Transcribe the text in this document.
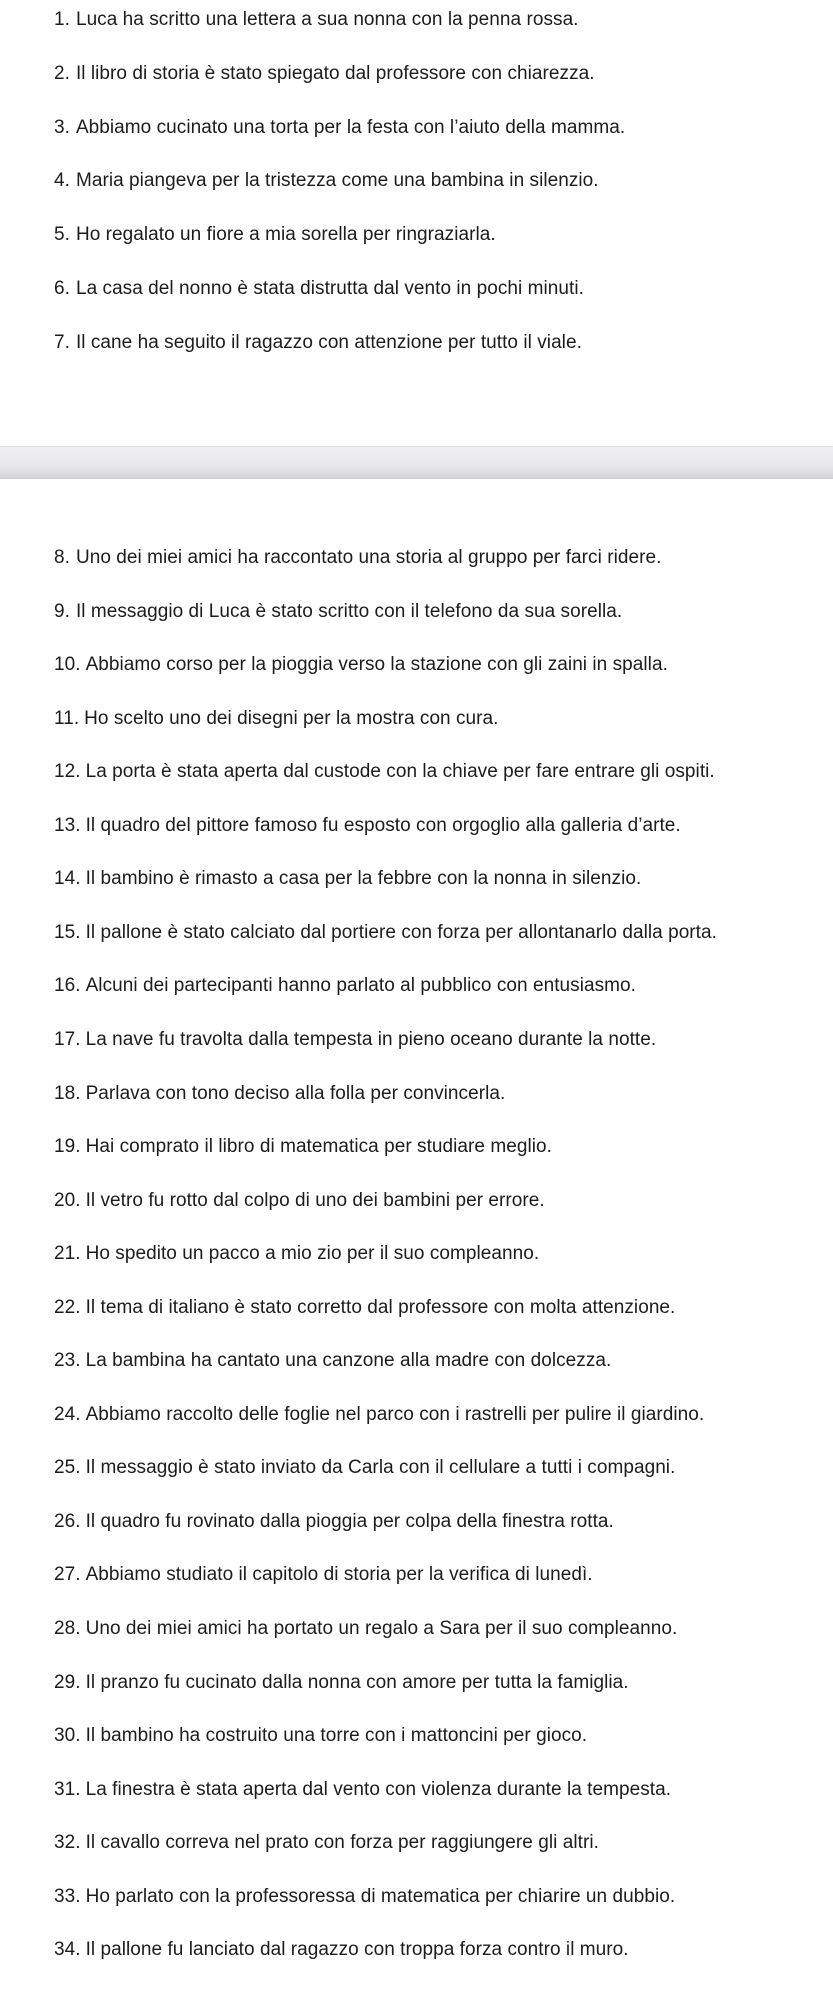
1. Luca ha scritto una lettera a sua nonna con la penna rossa.
2. Il libro di storia è stato spiegato dal professore con chiarezza.
3. Abbiamo cucinato una torta per la festa con l’aiuto della mamma.
4. Maria piangeva per la tristezza come una bambina in silenzio.
5. Ho regalato un fiore a mia sorella per ringraziarla.
6. La casa del nonno è stata distrutta dal vento in pochi minuti.
7. Il cane ha seguito il ragazzo con attenzione per tutto il viale.
8. Uno dei miei amici ha raccontato una storia al gruppo per farci ridere.
9. Il messaggio di Luca è stato scritto con il telefono da sua sorella.
10. Abbiamo corso per la pioggia verso la stazione con gli zaini in spalla.
11. Ho scelto uno dei disegni per la mostra con cura.
12. La porta è stata aperta dal custode con la chiave per fare entrare gli ospiti.
13. Il quadro del pittore famoso fu esposto con orgoglio alla galleria d’arte.
14. Il bambino è rimasto a casa per la febbre con la nonna in silenzio.
15. Il pallone è stato calciato dal portiere con forza per allontanarlo dalla porta.
16. Alcuni dei partecipanti hanno parlato al pubblico con entusiasmo.
17. La nave fu travolta dalla tempesta in pieno oceano durante la notte.
18. Parlava con tono deciso alla folla per convincerla.
19. Hai comprato il libro di matematica per studiare meglio.
20. Il vetro fu rotto dal colpo di uno dei bambini per errore.
21. Ho spedito un pacco a mio zio per il suo compleanno.
22. Il tema di italiano è stato corretto dal professore con molta attenzione.
23. La bambina ha cantato una canzone alla madre con dolcezza.
24. Abbiamo raccolto delle foglie nel parco con i rastrelli per pulire il giardino.
25. Il messaggio è stato inviato da Carla con il cellulare a tutti i compagni.
26. Il quadro fu rovinato dalla pioggia per colpa della finestra rotta.
27. Abbiamo studiato il capitolo di storia per la verifica di lunedì.
28. Uno dei miei amici ha portato un regalo a Sara per il suo compleanno.
29. Il pranzo fu cucinato dalla nonna con amore per tutta la famiglia.
30. Il bambino ha costruito una torre con i mattoncini per gioco.
31. La finestra è stata aperta dal vento con violenza durante la tempesta.
32. Il cavallo correva nel prato con forza per raggiungere gli altri.
33. Ho parlato con la professoressa di matematica per chiarire un dubbio.
34. Il pallone fu lanciato dal ragazzo con troppa forza contro il muro.
